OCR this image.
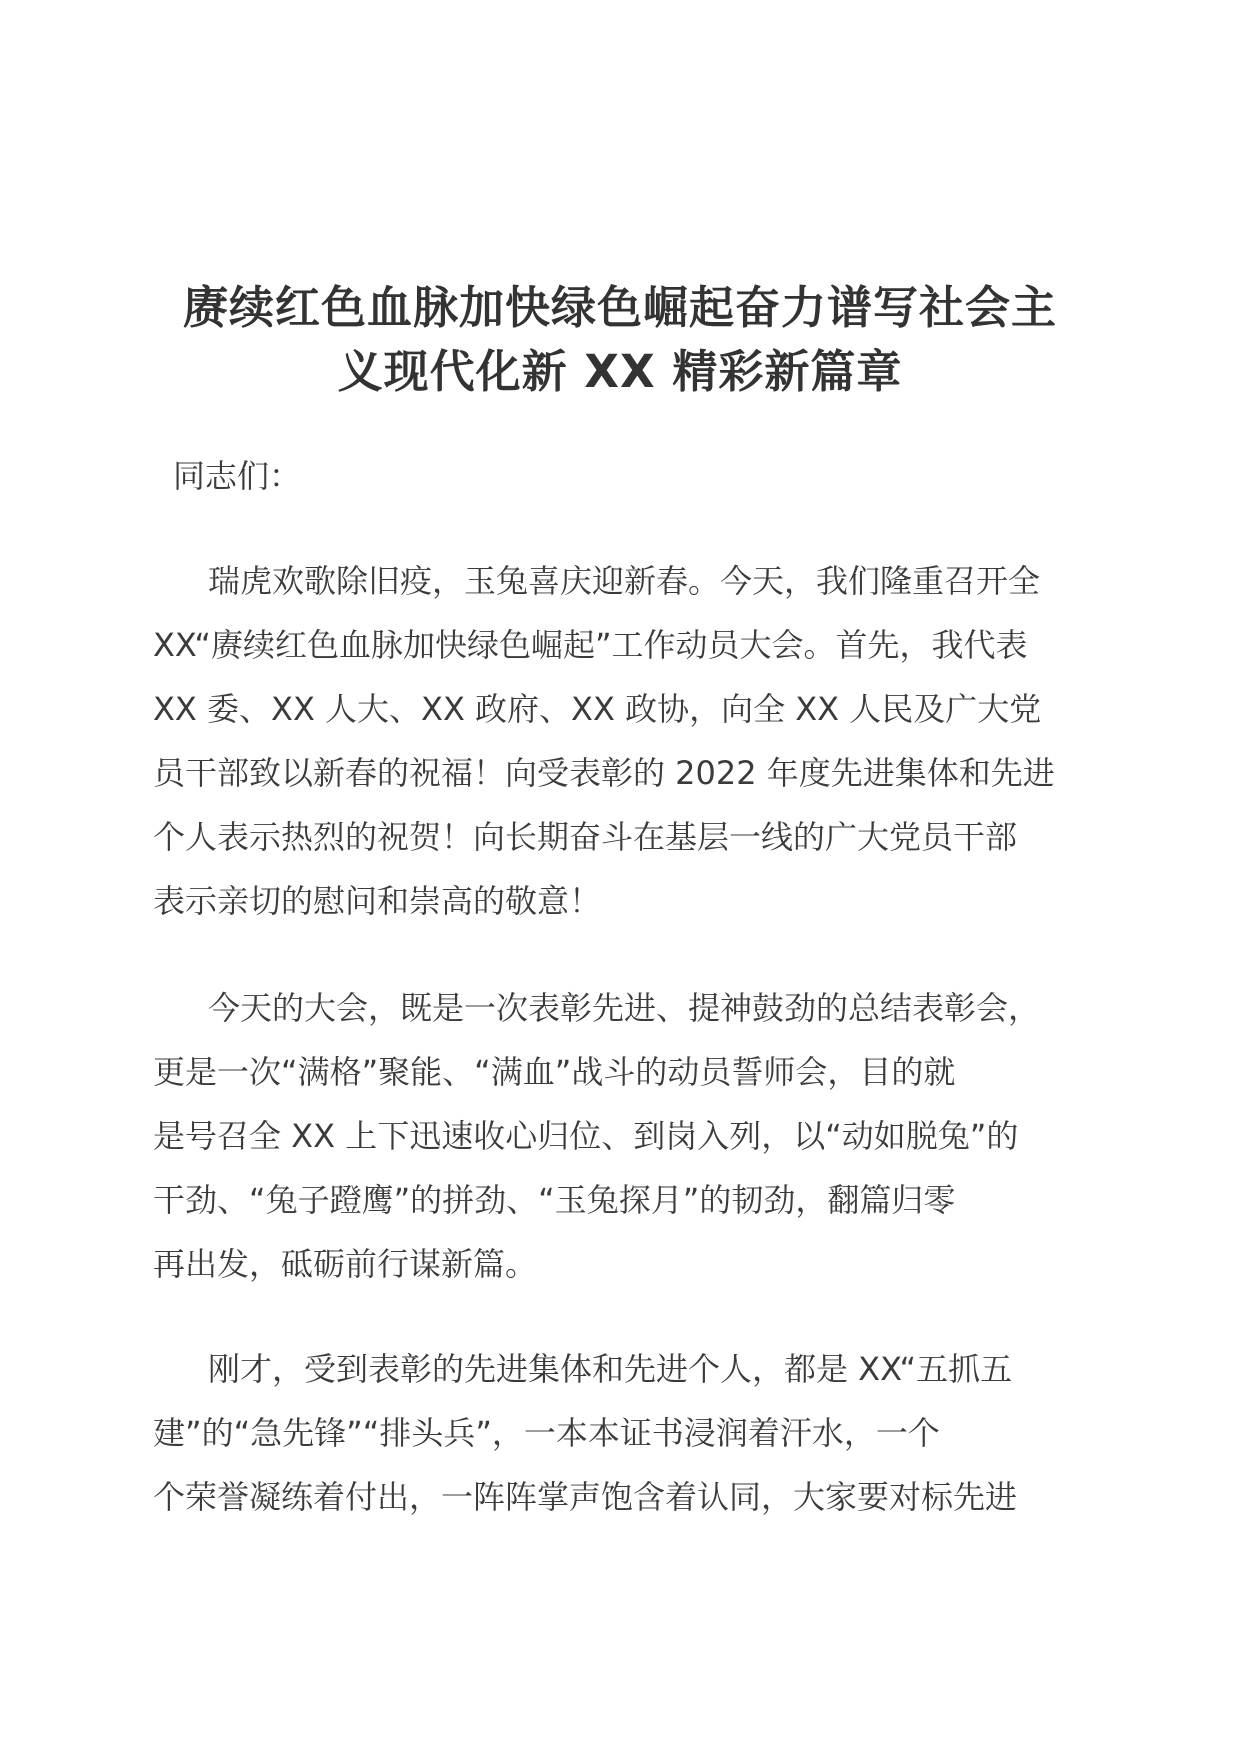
赓续红色血脉加快绿色崛起奋力谱写社会主
义现代化新 XX 精彩新篇章

同志们：

瑞虎欢歌除旧疫，玉兔喜庆迎新春。今天，我们隆重召开全
XX“赓续红色血脉加快绿色崛起”工作动员大会。首先，我代表
XX 委、XX 人大、XX 政府、XX 政协，向全 XX 人民及广大党
员干部致以新春的祝福！向受表彰的 2022 年度先进集体和先进
个人表示热烈的祝贺！向长期奋斗在基层一线的广大党员干部
表示亲切的慰问和崇高的敬意！
今天的大会，既是一次表彰先进、提神鼓劲的总结表彰会，
更是一次“满格”聚能、“满血”战斗的动员誓师会，目的就
是号召全 XX 上下迅速收心归位、到岗入列，以“动如脱兔”的
干劲、“兔子蹬鹰”的拼劲、“玉兔探月”的韧劲，翻篇归零
再出发，砥砺前行谋新篇。
刚才，受到表彰的先进集体和先进个人，都是 XX“五抓五
建”的“急先锋”“排头兵”，一本本证书浸润着汗水，一个
个荣誉凝练着付出，一阵阵掌声饱含着认同，大家要对标先进
